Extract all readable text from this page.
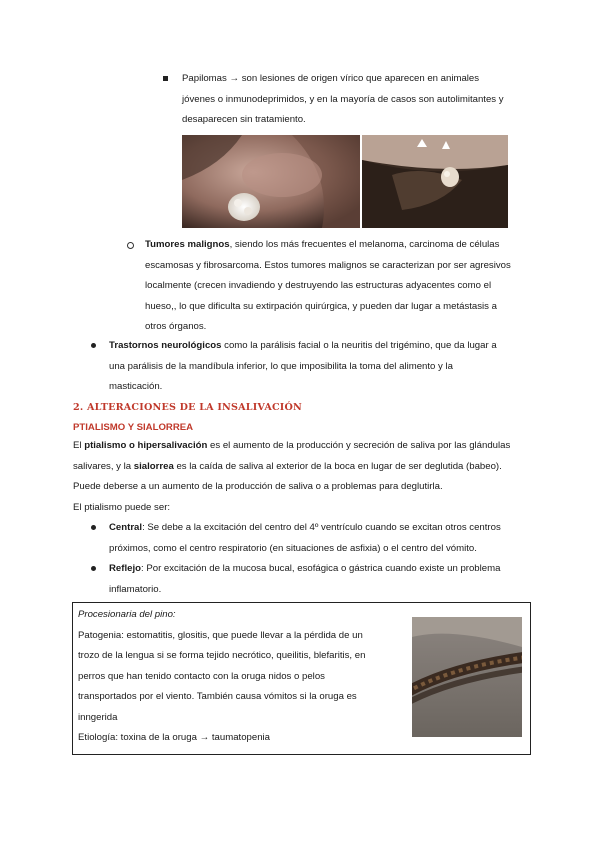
Papilomas → son lesiones de origen vírico que aparecen en animales
jóvenes o inmunodeprimidos, y en la mayoría de casos son autolimitantes y
desaparecen sin tratamiento.
Tumores malignos, siendo los más frecuentes el melanoma, carcinoma de células
escamosas y fibrosarcoma. Estos tumores malignos se caracterizan por ser agresivos
localmente (crecen invadiendo y destruyendo las estructuras adyacentes como el
hueso,, lo que dificulta su extirpación quirúrgica, y pueden dar lugar a metástasis a
otros órganos.
Trastornos neurológicos como la parálisis facial o la neuritis del trigémino, que da lugar a
una parálisis de la mandíbula inferior, lo que imposibilita la toma del alimento y la
masticación.
2. ALTERACIONES DE LA INSALIVACIÓN
PTIALISMO Y SIALORREA
El ptialismo o hipersalivación es el aumento de la producción y secreción de saliva por las glándulas
salivares, y la sialorrea es la caída de saliva al exterior de la boca en lugar de ser deglutida (babeo).
Puede deberse a un aumento de la producción de saliva o a problemas para deglutirla.
El ptialismo puede ser:
Central: Se debe a la excitación del centro del 4º ventrículo cuando se excitan otros centros
próximos, como el centro respiratorio (en situaciones de asfixia) o el centro del vómito.
Reflejo: Por excitación de la mucosa bucal, esofágica o gástrica cuando existe un problema
inflamatorio.
Procesionaria del pino:
Patogenia: estomatitis, glositis, que puede llevar a la pérdida de un
trozo de la lengua si se forma tejido necrótico, queilitis, blefaritis, en
perros que han tenido contacto con la oruga nidos o pelos
transportados por el viento. También causa vómitos si la oruga es
inngerida
Etiología: toxina de la oruga → taumatopenia
